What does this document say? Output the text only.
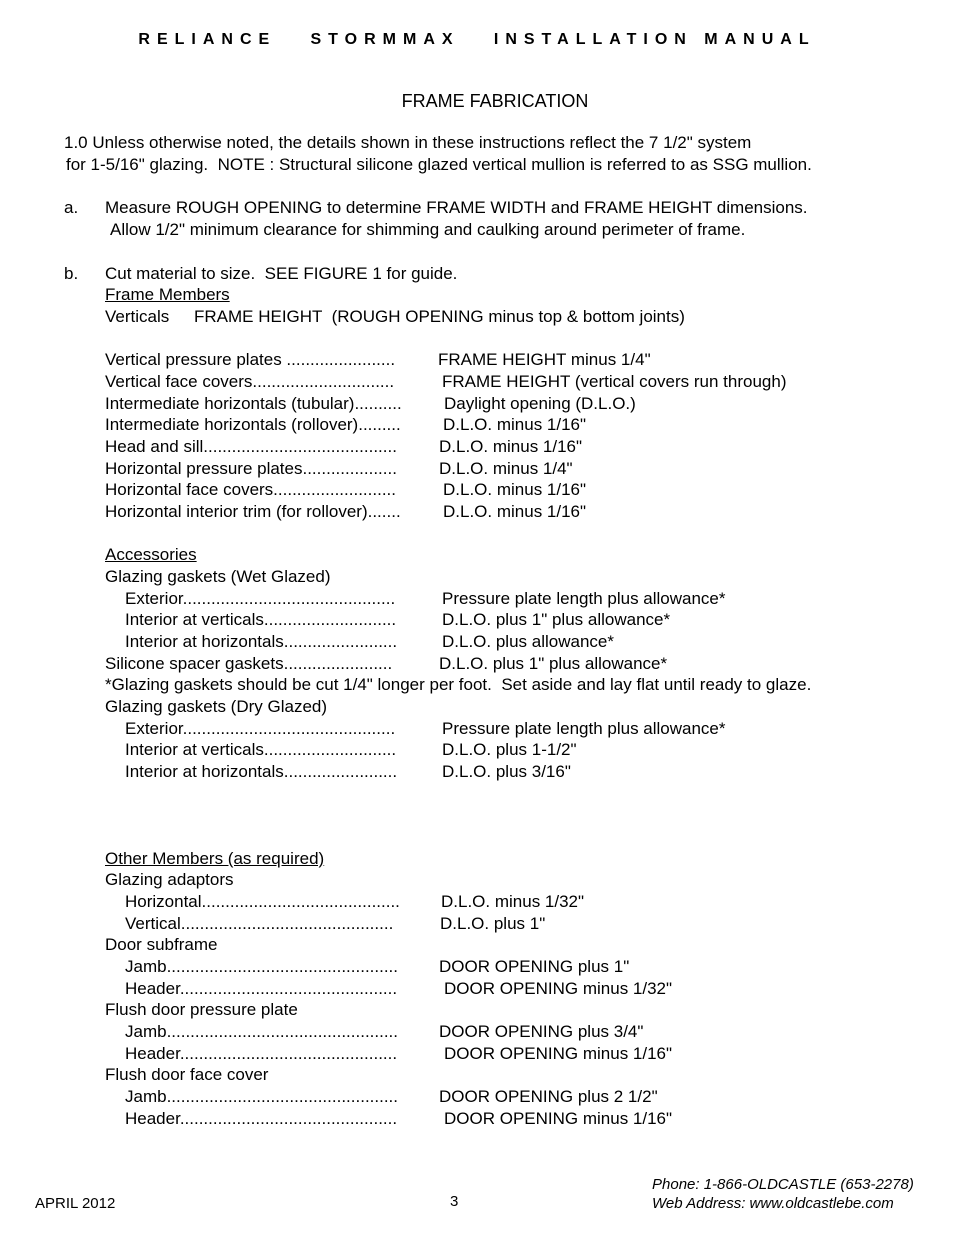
RELIANCE   STORMMAX   INSTALLATION MANUAL
FRAME FABRICATION
1.0 Unless otherwise noted, the details shown in these instructions reflect the 7 1/2" system
for 1-5/16" glazing.  NOTE : Structural silicone glazed vertical mullion is referred to as SSG mullion.
a. Measure ROUGH OPENING to determine FRAME WIDTH and FRAME HEIGHT dimensions.
Allow 1/2" minimum clearance for shimming and caulking around perimeter of frame.
b. Cut material to size.  SEE FIGURE 1 for guide.
Frame Members
Verticals FRAME HEIGHT  (ROUGH OPENING minus top & bottom joints)
Vertical pressure plates .......................	FRAME HEIGHT minus 1/4"
Vertical face covers..............................	FRAME HEIGHT (vertical covers run through)
Intermediate horizontals (tubular).......... Daylight opening (D.L.O.)
Intermediate horizontals (rollover)......... D.L.O. minus 1/16"
Head and sill......................................... D.L.O. minus 1/16"
Horizontal pressure plates.................... D.L.O. minus 1/4"
Horizontal face covers..........................	D.L.O. minus 1/16"
Horizontal interior trim (for rollover)....... D.L.O. minus 1/16"
Accessories
Glazing gaskets (Wet Glazed)
Exterior.............................................	Pressure plate length plus allowance*
Interior at verticals............................	D.L.O. plus 1" plus allowance*
Interior at horizontals........................	D.L.O. plus allowance*
Silicone spacer gaskets.......................	D.L.O. plus 1" plus allowance*
*Glazing gaskets should be cut 1/4" longer per foot.  Set aside and lay flat until ready to glaze.
Glazing gaskets (Dry Glazed)
Exterior.............................................	Pressure plate length plus allowance*
Interior at verticals............................	D.L.O. plus 1-1/2"
Interior at horizontals........................	D.L.O. plus 3/16"
Other Members (as required)
Glazing adaptors
Horizontal.......................................... D.L.O. minus 1/32"
Vertical.............................................	D.L.O. plus 1"
Door subframe
Jamb................................................. DOOR OPENING plus 1"
Header..............................................	DOOR OPENING minus 1/32"
Flush door pressure plate
Jamb................................................. DOOR OPENING plus 3/4"
Header..............................................	DOOR OPENING minus 1/16"
Flush door face cover
Jamb................................................. DOOR OPENING plus 2 1/2"
Header..............................................	DOOR OPENING minus 1/16"
APRIL 2012	3
Phone: 1-866-OLDCASTLE (653-2278)
Web Address: www.oldcastlebe.com
